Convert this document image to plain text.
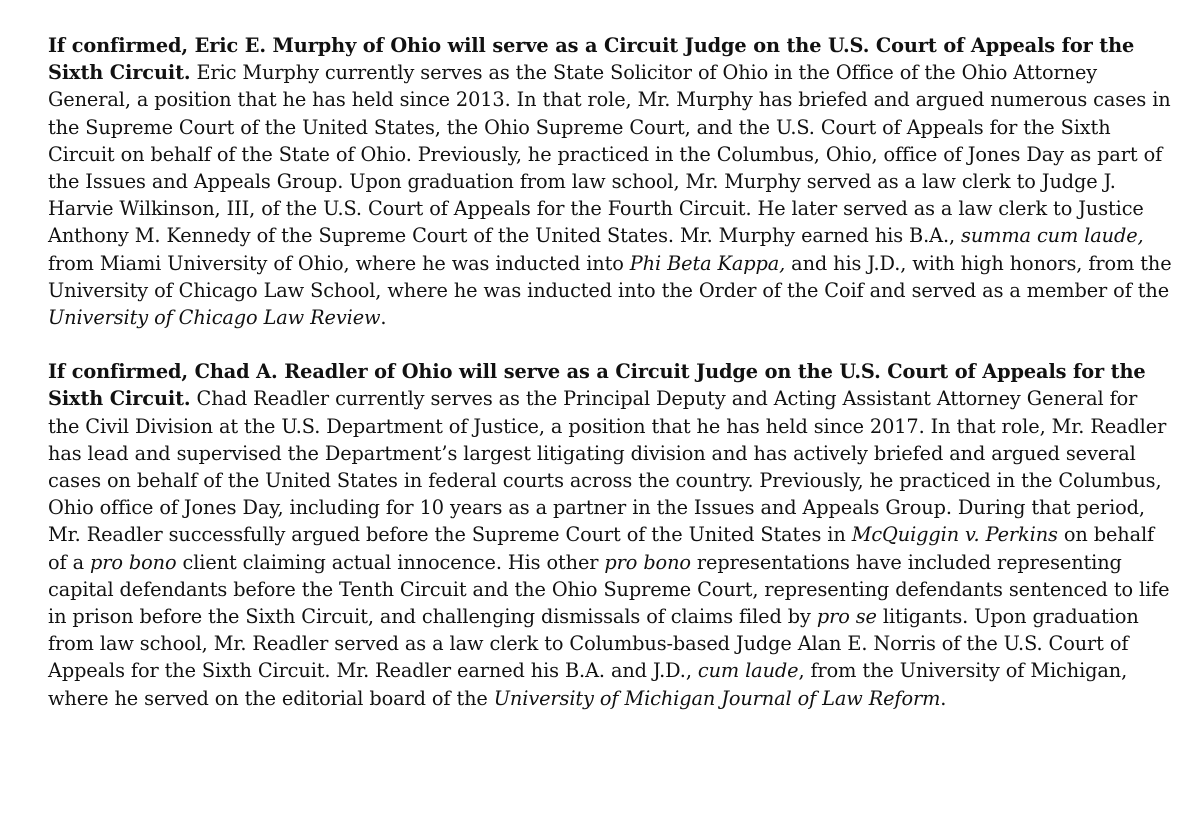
If confirmed, Eric E. Murphy of Ohio will serve as a Circuit Judge on the U.S. Court of Appeals for the Sixth Circuit. Eric Murphy currently serves as the State Solicitor of Ohio in the Office of the Ohio Attorney General, a position that he has held since 2013. In that role, Mr. Murphy has briefed and argued numerous cases in the Supreme Court of the United States, the Ohio Supreme Court, and the U.S. Court of Appeals for the Sixth Circuit on behalf of the State of Ohio. Previously, he practiced in the Columbus, Ohio, office of Jones Day as part of the Issues and Appeals Group. Upon graduation from law school, Mr. Murphy served as a law clerk to Judge J. Harvie Wilkinson, III, of the U.S. Court of Appeals for the Fourth Circuit. He later served as a law clerk to Justice Anthony M. Kennedy of the Supreme Court of the United States. Mr. Murphy earned his B.A., summa cum laude, from Miami University of Ohio, where he was inducted into Phi Beta Kappa, and his J.D., with high honors, from the University of Chicago Law School, where he was inducted into the Order of the Coif and served as a member of the University of Chicago Law Review.

If confirmed, Chad A. Readler of Ohio will serve as a Circuit Judge on the U.S. Court of Appeals for the Sixth Circuit. Chad Readler currently serves as the Principal Deputy and Acting Assistant Attorney General for the Civil Division at the U.S. Department of Justice, a position that he has held since 2017. In that role, Mr. Readler has lead and supervised the Department’s largest litigating division and has actively briefed and argued several cases on behalf of the United States in federal courts across the country. Previously, he practiced in the Columbus, Ohio office of Jones Day, including for 10 years as a partner in the Issues and Appeals Group. During that period, Mr. Readler successfully argued before the Supreme Court of the United States in McQuiggin v. Perkins on behalf of a pro bono client claiming actual innocence. His other pro bono representations have included representing capital defendants before the Tenth Circuit and the Ohio Supreme Court, representing defendants sentenced to life in prison before the Sixth Circuit, and challenging dismissals of claims filed by pro se litigants. Upon graduation from law school, Mr. Readler served as a law clerk to Columbus-based Judge Alan E. Norris of the U.S. Court of Appeals for the Sixth Circuit. Mr. Readler earned his B.A. and J.D., cum laude, from the University of Michigan, where he served on the editorial board of the University of Michigan Journal of Law Reform.
